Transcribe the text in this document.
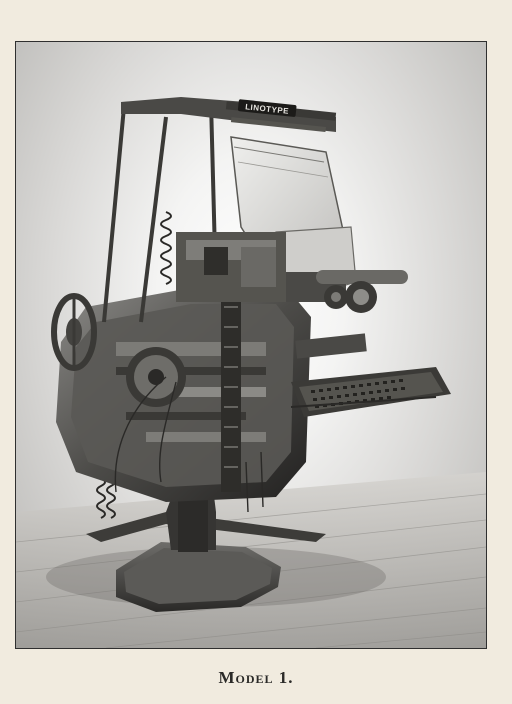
LINOTYPE
Model 1.
